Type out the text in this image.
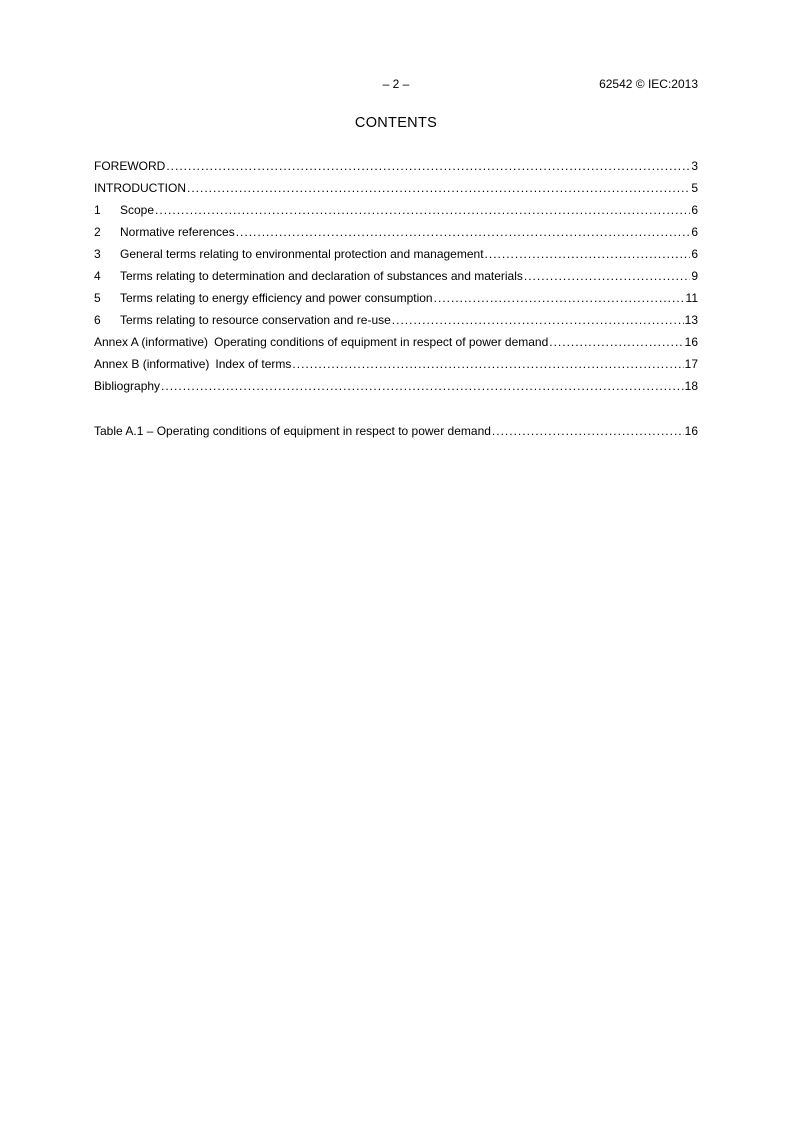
– 2 –	62542 © IEC:2013
CONTENTS
FOREWORD .....	3
INTRODUCTION .....	5
1	Scope .....	6
2	Normative references .....	6
3	General terms relating to environmental protection and management .....	6
4	Terms relating to determination and declaration of substances and materials .....	9
5	Terms relating to energy efficiency and power consumption .....	11
6	Terms relating to resource conservation and re-use .....	13
Annex A (informative) Operating conditions of equipment in respect of power demand .....	16
Annex B (informative) Index of terms .....	17
Bibliography .....	18
Table A.1 – Operating conditions of equipment in respect to power demand .....	16
